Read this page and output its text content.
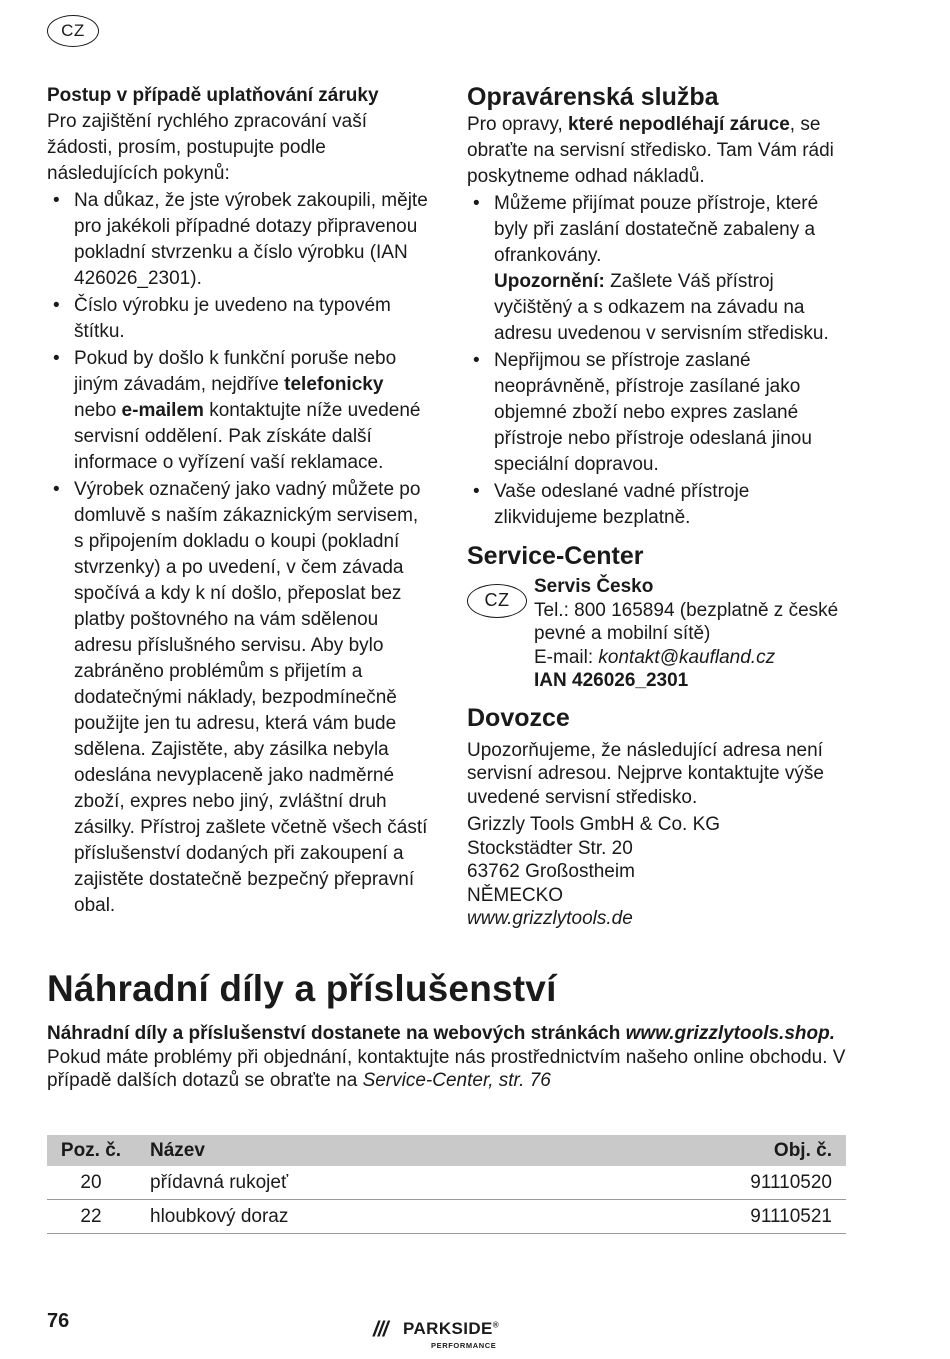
CZ
Postup v případě uplatňování záruky

Pro zajištění rychlého zpracování vaší žádosti, prosím, postupujte podle následujících pokynů:

• Na důkaz, že jste výrobek zakoupili, mějte pro jakékoli případné dotazy připravenou pokladní stvrzenku a číslo výrobku (IAN 426026_2301).
• Číslo výrobku je uvedeno na typovém štítku.
• Pokud by došlo k funkční poruše nebo jiným závadám, nejdříve telefonicky nebo e-mailem kontaktujte níže uvedené servisní oddělení. Pak získáte další informace o vyřízení vaší reklamace.
• Výrobek označený jako vadný můžete po domluvě s naším zákaznickým servisem, s připojením dokladu o koupi (pokladní stvrzenky) a po uvedení, v čem závada spočívá a kdy k ní došlo, přeposlat bez platby poštovného na vám sdělenou adresu příslušného servisu. Aby bylo zabráněno problémům s přijetím a dodatečnými náklady, bezpodmínečně použijte jen tu adresu, která vám bude sdělena. Zajistěte, aby zásilka nebyla odeslána nevyplaceně jako nadměrné zboží, expres nebo jiný, zvláštní druh zásilky. Přístroj zašlete včetně všech částí příslušenství dodaných při zakoupení a zajistěte dostatečně bezpečný přepravní obal.
Opravárenská služba

Pro opravy, které nepodléhají záruce, se obraťte na servisní středisko. Tam Vám rádi poskytneme odhad nákladů.

• Můžeme přijímat pouze přístroje, které byly při zaslání dostatečně zabaleny a ofrankovány.
Upozornění: Zašlete Váš přístroj vyčištěný a s odkazem na závadu na adresu uvedenou v servisním středisku.
• Nepřijmou se přístroje zaslané neoprávněně, přístroje zasílané jako objemné zboží nebo expres zaslané přístroje nebo přístroje odeslaná jinou speciální dopravou.
• Vaše odeslané vadné přístroje zlikvidujeme bezplatně.
Service-Center
CZ
Servis Česko
Tel.: 800 165894 (bezplatně z české pevné a mobilní sítě)
E-mail: kontakt@kaufland.cz
IAN 426026_2301
Dovozce

Upozorňujeme, že následující adresa není servisní adresou. Nejprve kontaktujte výše uvedené servisní středisko.

Grizzly Tools GmbH & Co. KG
Stockstädter Str. 20
63762 Großostheim
NĚMECKO
www.grizzlytools.de
Náhradní díly a příslušenství
Náhradní díly a příslušenství dostanete na webových stránkách www.grizzlytools.shop. Pokud máte problémy při objednání, kontaktujte nás prostřednictvím našeho online obchodu. V případě dalších dotazů se obraťte na Service-Center, str. 76
Poz. č.	Název	Obj. č.
20	přídavná rukojeť	91110520
22	hloubkový doraz	91110521
76	/// PARKSIDE®
PERFORMANCE
